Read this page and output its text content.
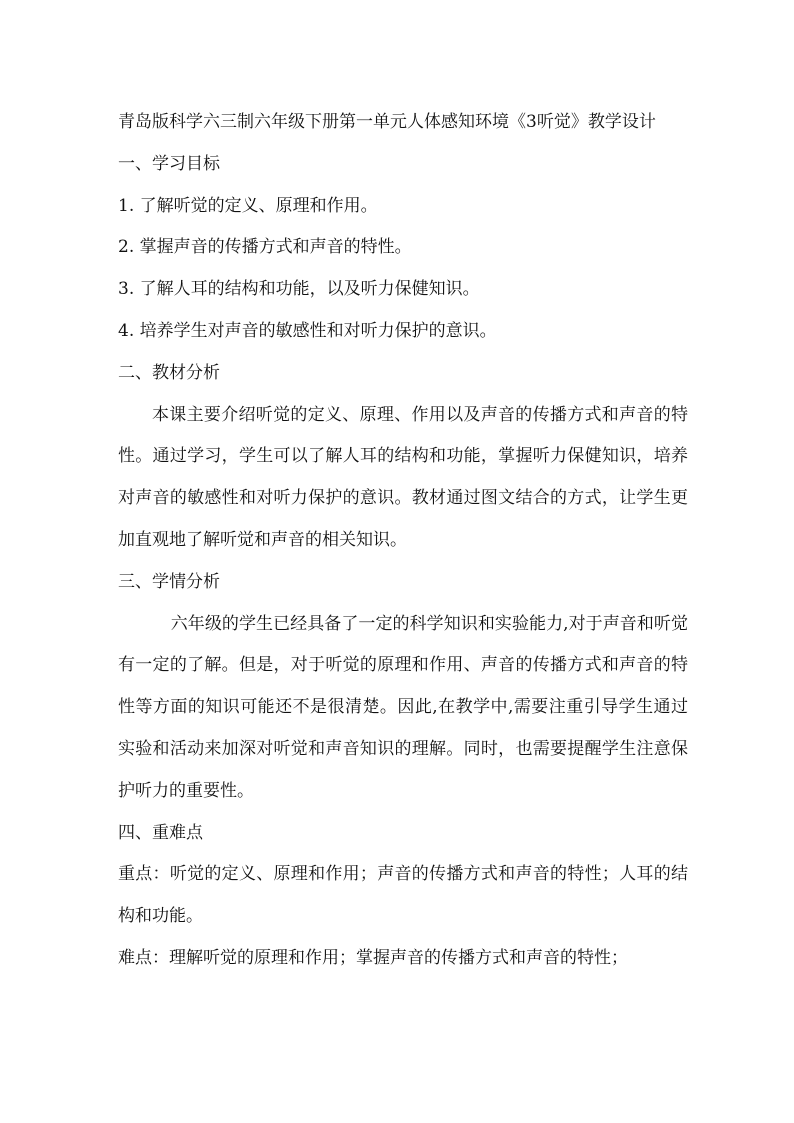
青岛版科学六三制六年级下册第一单元人体感知环境《3听觉》教学设计

一、学习目标

1. 了解听觉的定义、原理和作用。

2. 掌握声音的传播方式和声音的特性。

3. 了解人耳的结构和功能，以及听力保健知识。

4. 培养学生对声音的敏感性和对听力保护的意识。

二、教材分析

本课主要介绍听觉的定义、原理、作用以及声音的传播方式和声音的特性。通过学习，学生可以了解人耳的结构和功能，掌握听力保健知识，培养对声音的敏感性和对听力保护的意识。教材通过图文结合的方式，让学生更加直观地了解听觉和声音的相关知识。

三、学情分析

六年级的学生已经具备了一定的科学知识和实验能力,对于声音和听觉有一定的了解。但是，对于听觉的原理和作用、声音的传播方式和声音的特性等方面的知识可能还不是很清楚。因此,在教学中,需要注重引导学生通过实验和活动来加深对听觉和声音知识的理解。同时，也需要提醒学生注意保护听力的重要性。

四、重难点

重点：听觉的定义、原理和作用；声音的传播方式和声音的特性；人耳的结构和功能。

难点：理解听觉的原理和作用；掌握声音的传播方式和声音的特性；
